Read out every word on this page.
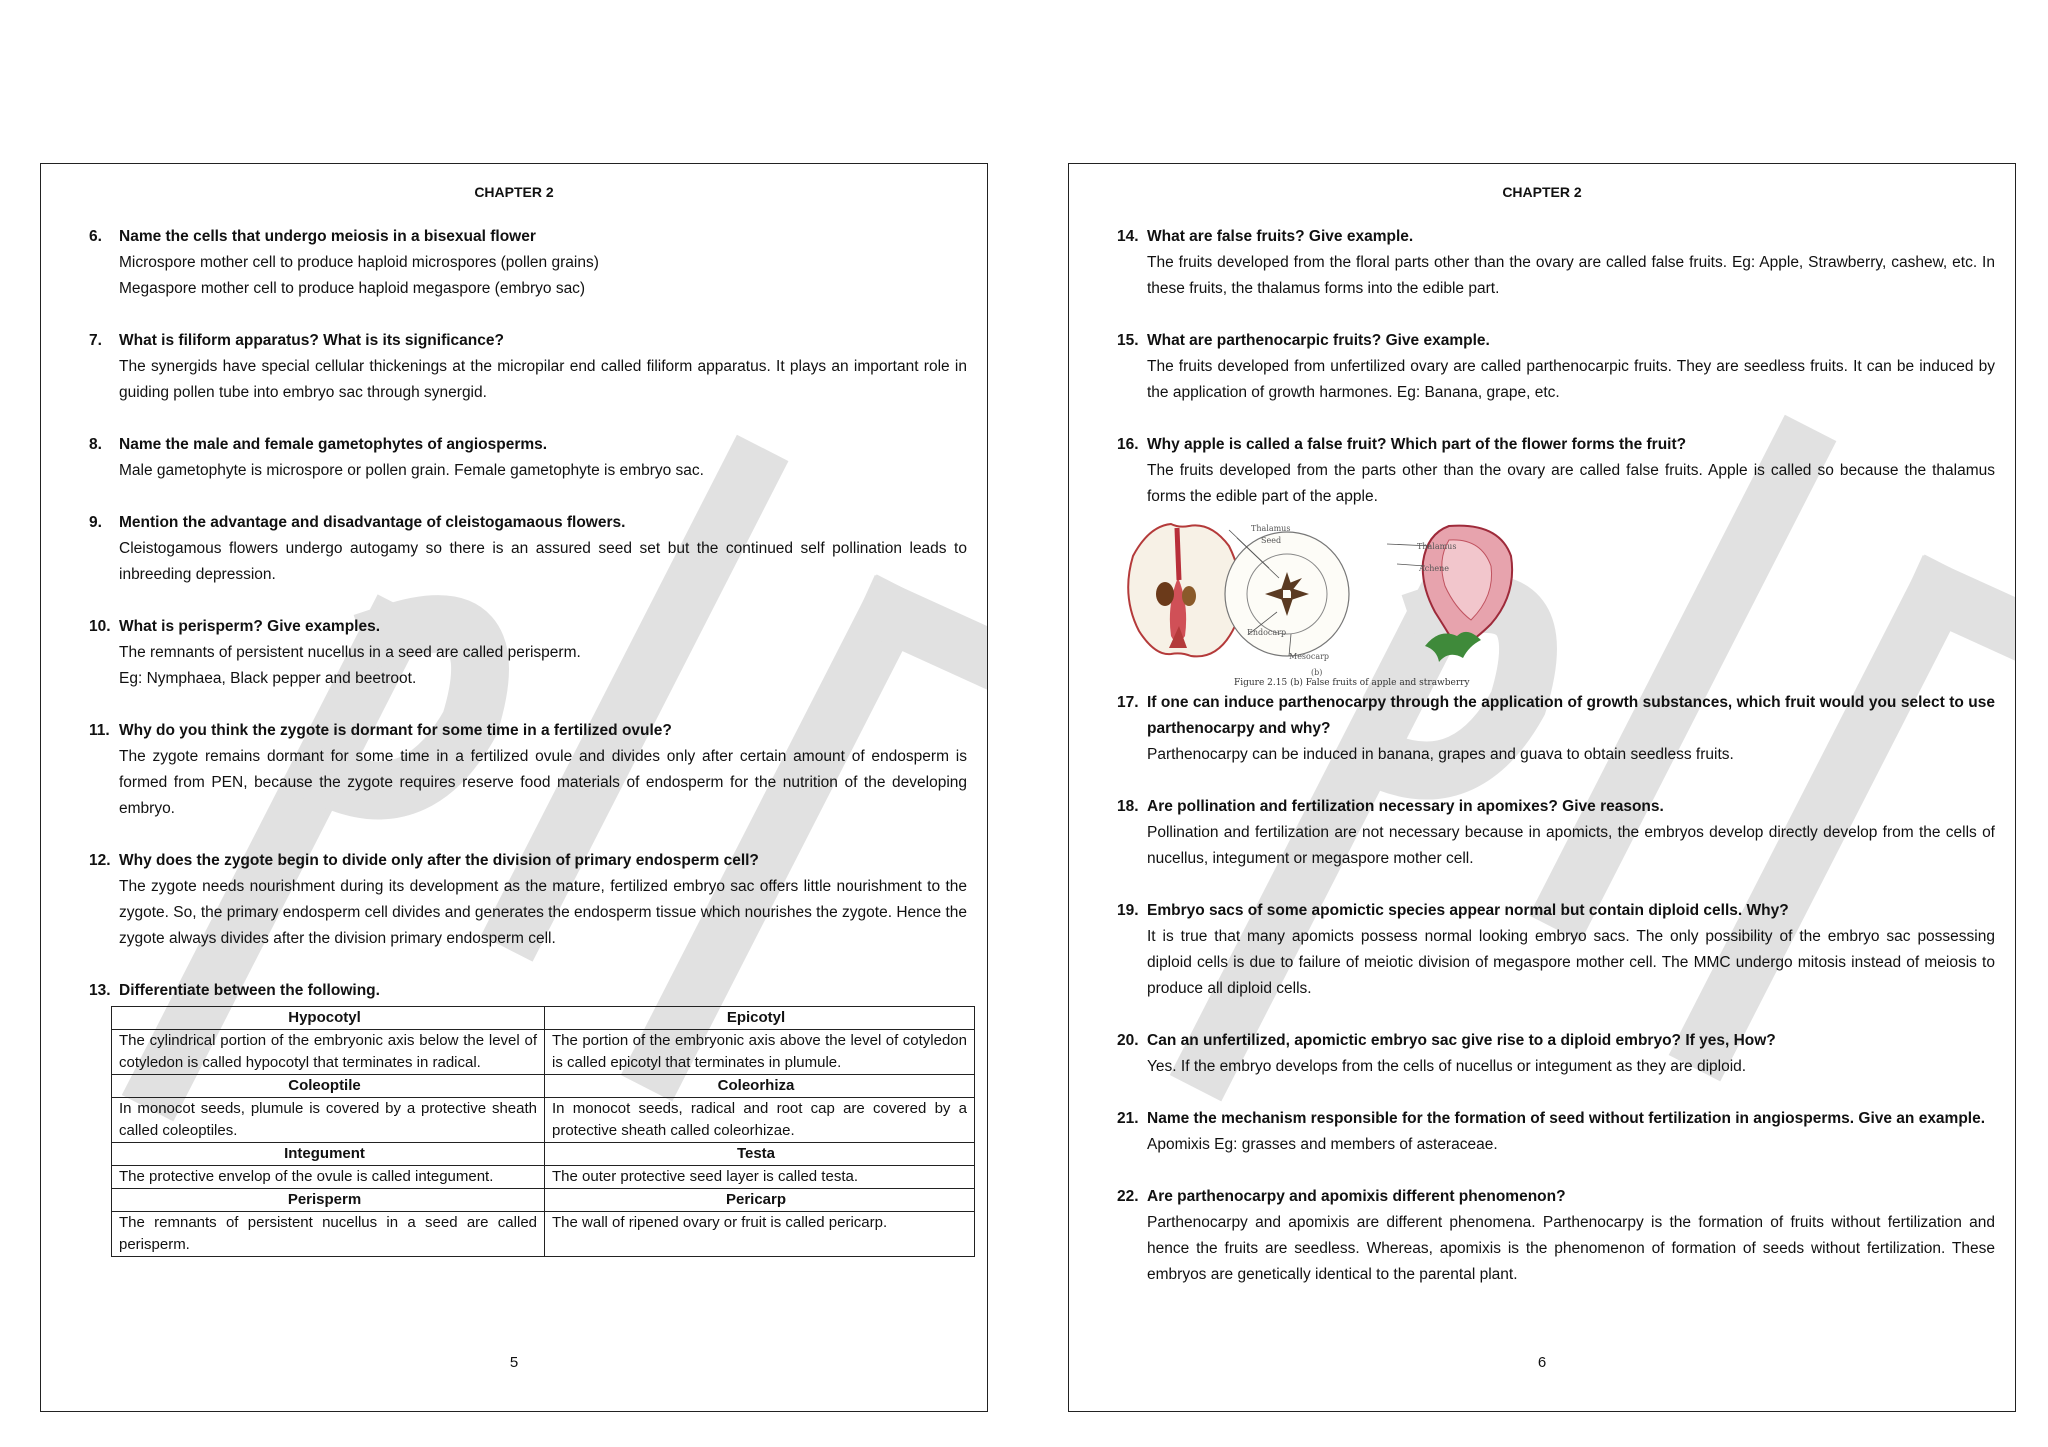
CHAPTER 2
6. Name the cells that undergo meiosis in a bisexual flower

Microspore mother cell to produce haploid microspores (pollen grains)

Megaspore mother cell to produce haploid megaspore (embryo sac)

7. What is filiform apparatus? What is its significance?

The synergids have special cellular thickenings at the micropilar end called filiform apparatus. It plays an important role in guiding pollen tube into embryo sac through synergid.

8. Name the male and female gametophytes of angiosperms.

Male gametophyte is microspore or pollen grain. Female gametophyte is embryo sac.

9. Mention the advantage and disadvantage of cleistogamaous flowers.

Cleistogamous flowers undergo autogamy so there is an assured seed set but the continued self pollination leads to inbreeding depression.

10. What is perisperm? Give examples.

The remnants of persistent nucellus in a seed are called perisperm.

Eg: Nymphaea, Black pepper and beetroot.

11. Why do you think the zygote is dormant for some time in a fertilized ovule?

The zygote remains dormant for some time in a fertilized ovule and divides only after certain amount of endosperm is formed from PEN, because the zygote requires reserve food materials of endosperm for the nutrition of the developing embryo.

12. Why does the zygote begin to divide only after the division of primary endosperm cell?

The zygote needs nourishment during its development as the mature, fertilized embryo sac offers little nourishment to the zygote. So, the primary endosperm cell divides and generates the endosperm tissue which nourishes the zygote. Hence the zygote always divides after the division primary endosperm cell.

13. Differentiate between the following.
Hypocotyl	Epicotyl
The cylindrical portion of the embryonic axis below the level of cotyledon is called hypocotyl that terminates in radical.	The portion of the embryonic axis above the level of cotyledon is called epicotyl that terminates in plumule.
Coleoptile	Coleorhiza
In monocot seeds, plumule is covered by a protective sheath called coleoptiles.	In monocot seeds, radical and root cap are covered by a protective sheath called coleorhizae.
Integument	Testa
The protective envelop of the ovule is called integument.	The outer protective seed layer is called testa.
Perisperm	Pericarp
The remnants of persistent nucellus in a seed are called perisperm.	The wall of ripened ovary or fruit is called pericarp.
5
CHAPTER 2
14. What are false fruits? Give example.

The fruits developed from the floral parts other than the ovary are called false fruits. Eg: Apple, Strawberry, cashew, etc. In these fruits, the thalamus forms into the edible part.

15. What are parthenocarpic fruits? Give example.

The fruits developed from unfertilized ovary are called parthenocarpic fruits. They are seedless fruits. It can be induced by the application of growth harmones. Eg: Banana, grape, etc.

16. Why apple is called a false fruit? Which part of the flower forms the fruit?

The fruits developed from the parts other than the ovary are called false fruits. Apple is called so because the thalamus forms the edible part of the apple.

Thalamus
Seed
Endocarp
Mesocarp
(b)
Thalamus
Achene
Figure 2.15 (b) False fruits of apple and strawberry
17. If one can induce parthenocarpy through the application of growth substances, which fruit would you select to use parthenocarpy and why?

Parthenocarpy can be induced in banana, grapes and guava to obtain seedless fruits.

18. Are pollination and fertilization necessary in apomixes? Give reasons.

Pollination and fertilization are not necessary because in apomicts, the embryos develop directly develop from the cells of nucellus, integument or megaspore mother cell.

19. Embryo sacs of some apomictic species appear normal but contain diploid cells. Why?

It is true that many apomicts possess normal looking embryo sacs. The only possibility of the embryo sac possessing diploid cells is due to failure of meiotic division of megaspore mother cell. The MMC undergo mitosis instead of meiosis to produce all diploid cells.

20. Can an unfertilized, apomictic embryo sac give rise to a diploid embryo? If yes, How?

Yes. If the embryo develops from the cells of nucellus or integument as they are diploid.

21. Name the mechanism responsible for the formation of seed without fertilization in angiosperms. Give an example.

Apomixis Eg: grasses and members of asteraceae.

22. Are parthenocarpy and apomixis different phenomenon?

Parthenocarpy and apomixis are different phenomena. Parthenocarpy is the formation of fruits without fertilization and hence the fruits are seedless. Whereas, apomixis is the phenomenon of formation of seeds without fertilization. These embryos are genetically identical to the parental plant.

6
